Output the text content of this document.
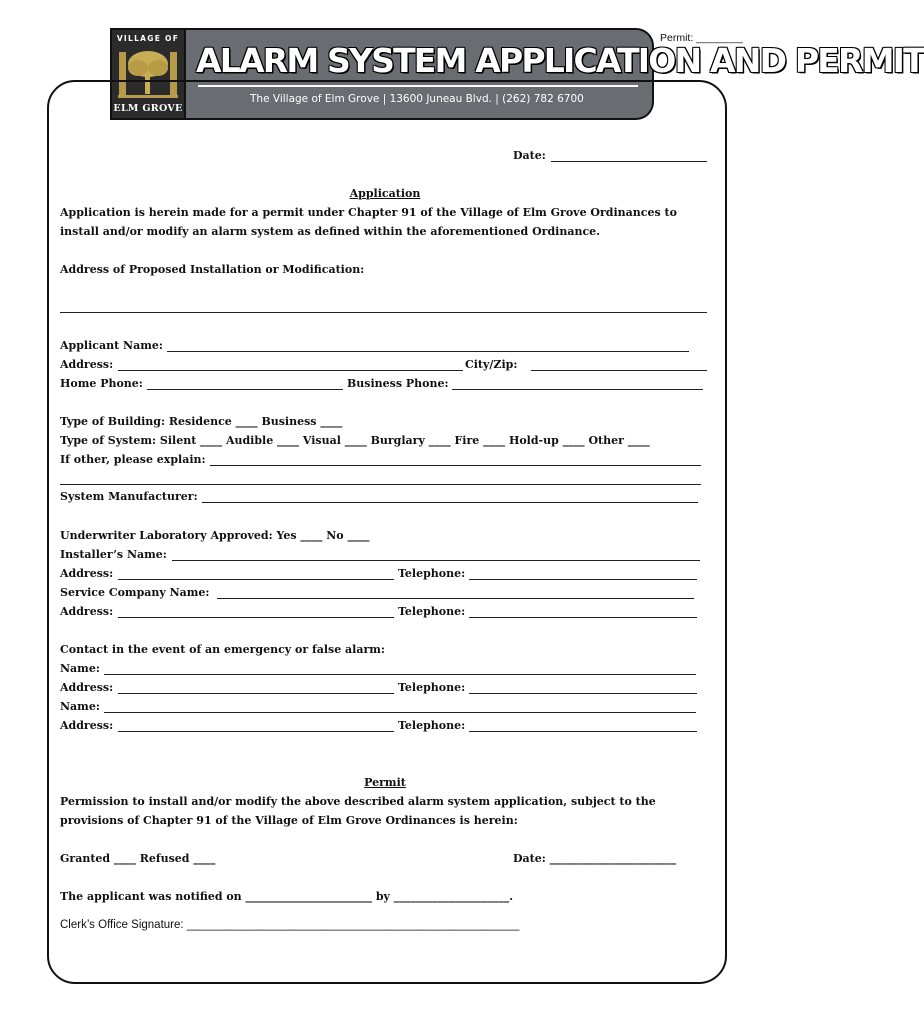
Permit: ________
VILLAGE OF
ELM GROVE
ALARM SYSTEM APPLICATION AND PERMIT
The Village of Elm Grove | 13600 Juneau Blvd. | (262) 782 6700
Date:
Application
Application is herein made for a permit under Chapter 91 of the Village of Elm Grove Ordinances to
install and/or modify an alarm system as defined within the aforementioned Ordinance.
Address of Proposed Installation or Modification:
Applicant Name:
Address:	City/Zip:
Home Phone:	Business Phone:
Type of Building: Residence ____ Business ____
Type of System: Silent ____ Audible ____ Visual ____ Burglary ____ Fire ____ Hold-up ____ Other ____
If other, please explain:
System Manufacturer:
Underwriter Laboratory Approved: Yes ____ No ____
Installer’s Name:
Address:	Telephone:
Service Company Name:
Address:	Telephone:
Contact in the event of an emergency or false alarm:
Name:
Address:	Telephone:
Name:
Address:	Telephone:
Permit
Permission to install and/or modify the above described alarm system application, subject to the
provisions of Chapter 91 of the Village of Elm Grove Ordinances is herein:
Granted ____ Refused ____	Date: _______________________
The applicant was notified on _______________________ by _____________________.
Clerk’s Office Signature: ____________________________________________________
